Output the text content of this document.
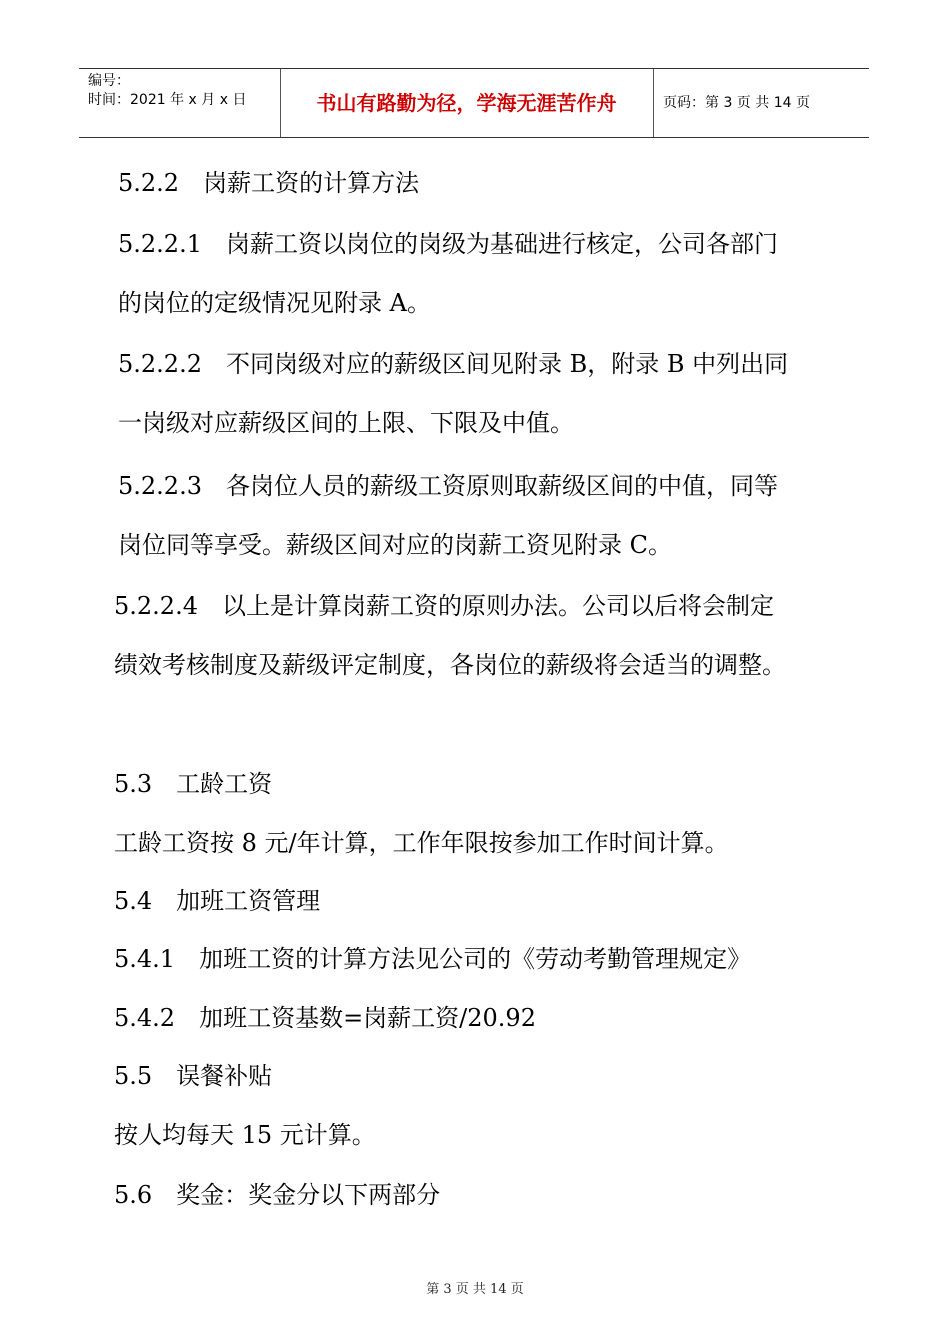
编号：
时间：2021 年 x 月 x 日	书山有路勤为径，学海无涯苦作舟	页码：第 3 页 共 14 页
5.2.2　岗薪工资的计算方法
5.2.2.1　岗薪工资以岗位的岗级为基础进行核定，公司各部门
的岗位的定级情况见附录 A。
5.2.2.2　不同岗级对应的薪级区间见附录 B，附录 B 中列出同
一岗级对应薪级区间的上限、下限及中值。
5.2.2.3　各岗位人员的薪级工资原则取薪级区间的中值，同等
岗位同等享受。薪级区间对应的岗薪工资见附录 C。
5.2.2.4　以上是计算岗薪工资的原则办法。公司以后将会制定
绩效考核制度及薪级评定制度，各岗位的薪级将会适当的调整。
5.3　工龄工资
工龄工资按 8 元/年计算，工作年限按参加工作时间计算。
5.4　加班工资管理
5.4.1　加班工资的计算方法见公司的《劳动考勤管理规定》
5.4.2　加班工资基数=岗薪工资/20.92
5.5　误餐补贴
按人均每天 15 元计算。
5.6　奖金：奖金分以下两部分
第 3 页 共 14 页
